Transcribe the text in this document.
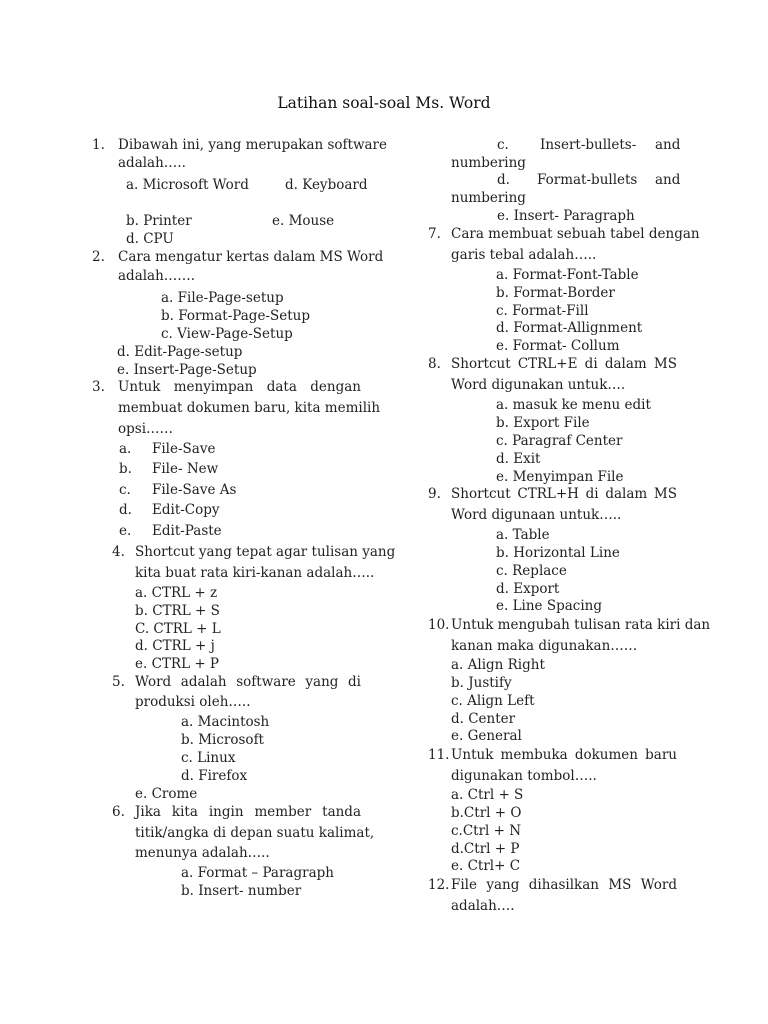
Latihan soal-soal Ms. Word
1. Dibawah ini, yang merupakan software
adalah…..
a. Microsoft Word	d. Keyboard
b. Printer	e. Mouse
d. CPU
2. Cara mengatur kertas dalam MS Word
adalah…….
a. File-Page-setup
b. Format-Page-Setup
c. View-Page-Setup
d. Edit-Page-setup
e. Insert-Page-Setup
3. Untuk menyimpan data dengan
membuat dokumen baru, kita memilih
opsi……
a. File-Save
b. File- New
c. File-Save As
d. Edit-Copy
e. Edit-Paste
4. Shortcut yang tepat agar tulisan yang
kita buat rata kiri-kanan adalah…..
a. CTRL + z
b. CTRL + S
C. CTRL + L
d. CTRL + j
e. CTRL + P
5. Word adalah software yang di
produksi oleh…..
a. Macintosh
b. Microsoft
c. Linux
d. Firefox
e. Crome
6. Jika kita ingin member tanda
titik/angka di depan suatu kalimat,
menunya adalah…..
a. Format – Paragraph
b. Insert- number
c. Insert-bullets- and
numbering
d. Format-bullets and
numbering
e. Insert- Paragraph
7. Cara membuat sebuah tabel dengan
garis tebal adalah…..
a. Format-Font-Table
b. Format-Border
c. Format-Fill
d. Format-Allignment
e. Format- Collum
8. Shortcut CTRL+E di dalam MS
Word digunakan untuk….
a. masuk ke menu edit
b. Export File
c. Paragraf Center
d. Exit
e. Menyimpan File
9. Shortcut CTRL+H di dalam MS
Word digunaan untuk…..
a. Table
b. Horizontal Line
c. Replace
d. Export
e. Line Spacing
10. Untuk mengubah tulisan rata kiri dan
kanan maka digunakan……
a. Align Right
b. Justify
c. Align Left
d. Center
e. General
11. Untuk membuka dokumen baru
digunakan tombol…..
a. Ctrl + S
b.Ctrl + O
c.Ctrl + N
d.Ctrl + P
e. Ctrl+ C
12. File yang dihasilkan MS Word
adalah….
